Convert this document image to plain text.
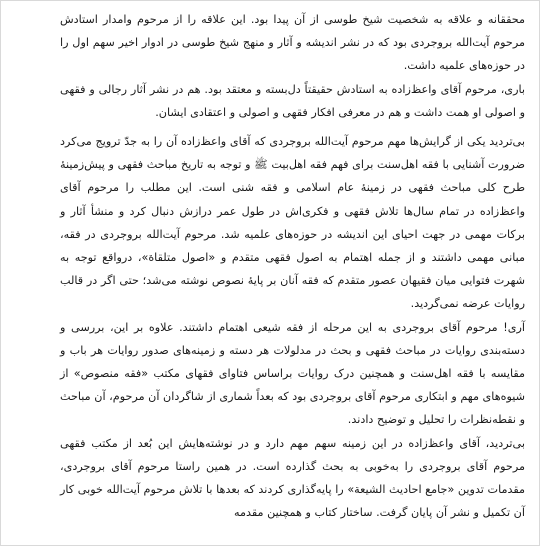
محققانه و علاقه به شخصیت شیخ طوسی از آن پیدا بود. این علاقه را از مرحوم وامدار استادش مرحوم آیت‌الله بروجردی بود که در نشر اندیشه و آثار و منهج شیخ طوسی در ادوار اخیر سهم اول را در حوزه‌های علمیه داشت.

باری، مرحوم آقای واعظ‌زاده به استادش حقیقتاً دل‌بسته و معتقد بود. هم در نشر آثار رجالی و فقهی و اصولی او همت داشت و هم در معرفی افکار فقهی و اصولی و اعتقادی ایشان.

بی‌تردید یکی از گرایش‌ها مهم مرحوم آیت‌الله بروجردی که آقای واعظ‌زاده آن را به جدّ ترویج می‌کرد ضرورت آشنایی با فقه اهل‌سنت برای فهم فقه اهل‌بیت ﷺ و توجه به تاریخ مباحث فقهی و پیش‌زمینهٔ طرح کلی مباحث فقهی در زمینهٔ عام اسلامی و فقه شنی است. این مطلب را مرحوم آقای واعظ‌زاده در تمام سال‌ها تلاش فقهی و فکری‌اش در طول عمر درازش دنبال کرد و منشأ آثار و برکات مهمی در جهت احیای این اندیشه در حوزه‌های علمیه شد. مرحوم آیت‌الله بروجردی در فقه، مبانی مهمی داشتند و از جمله اهتمام به اصول فقهی متقدم و «اصول متلقاة»، درواقع توجه به شهرت فتوایی میان فقیهان عصور متقدم که فقه آنان بر پایهٔ نصوص نوشته می‌شد؛ حتی اگر در قالب روایات عرضه نمی‌گردید.

آری! مرحوم آقای بروجردی به این مرحله از فقه شیعی اهتمام داشتند. علاوه بر این، بررسی و دسته‌بندی روایات در مباحث فقهی و بحث در مدلولات هر دسته و زمینه‌های صدور روایات هر باب و مقایسه با فقه اهل‌سنت و همچنین درک روایات براساس فتاوای فقهای مکتب «فقه منصوص» از شیوه‌های مهم و ابتکاری مرحوم آقای بروجردی بود که بعداً شماری از شاگردان آن مرحوم، آن مباحث و نقطه‌نظرات را تحلیل و توضیح دادند.

بی‌تردید، آقای واعظ‌زاده در این زمینه سهم مهم دارد و در نوشته‌هایش این بُعد از مکتب فقهی مرحوم آقای بروجردی را به‌خوبی به بحث گذارده است. در همین راستا مرحوم آقای بروجردی، مقدمات تدوین «جامع احادیث الشیعة» را پایه‌گذاری کردند که بعدها با تلاش مرحوم آیت‌الله خوبی کار آن تکمیل و نشر آن پایان گرفت. ساختار کتاب و همچنین مقدمه
